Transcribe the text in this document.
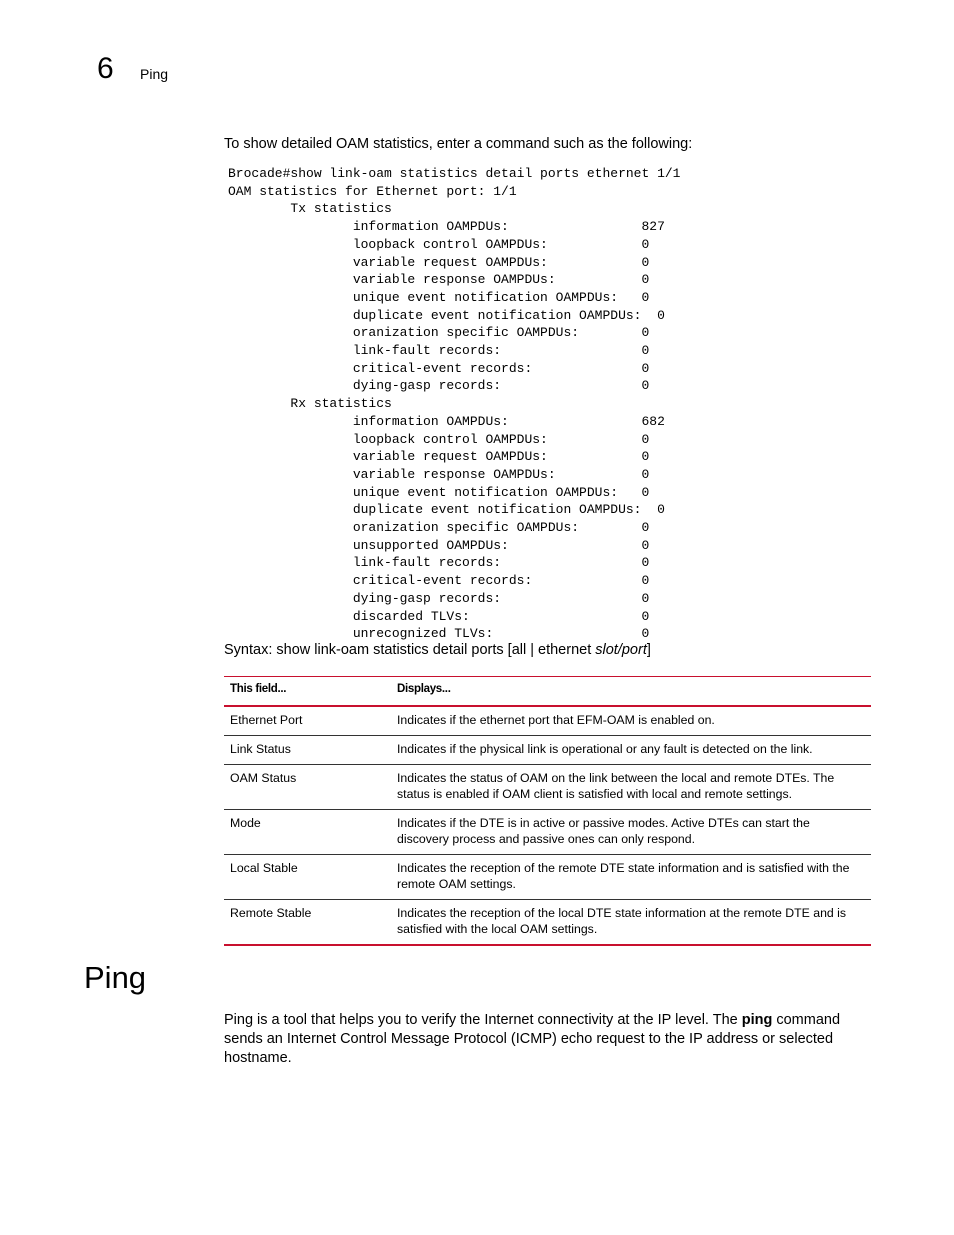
6 Ping
To show detailed OAM statistics, enter a command such as the following:
Brocade#show link-oam statistics detail ports ethernet 1/1
OAM statistics for Ethernet port: 1/1
Tx statistics
information OAMPDUs:                 827
loopback control OAMPDUs:            0
variable request OAMPDUs:            0
variable response OAMPDUs:           0
unique event notification OAMPDUs:   0
duplicate event notification OAMPDUs:  0
oranization specific OAMPDUs:        0
link-fault records:                  0
critical-event records:              0
dying-gasp records:                  0
Rx statistics
information OAMPDUs:                 682
loopback control OAMPDUs:            0
variable request OAMPDUs:            0
variable response OAMPDUs:           0
unique event notification OAMPDUs:   0
duplicate event notification OAMPDUs:  0
oranization specific OAMPDUs:        0
unsupported OAMPDUs:                 0
link-fault records:                  0
critical-event records:              0
dying-gasp records:                  0
discarded TLVs:                      0
unrecognized TLVs:                   0
Syntax: show link-oam statistics detail ports [all | ethernet slot/port]
This field...	Displays...
Ethernet Port	Indicates if the ethernet port that EFM-OAM is enabled on.
Link Status	Indicates if the physical link is operational or any fault is detected on the link.
OAM Status	Indicates the status of OAM on the link between the local and remote DTEs. The status is enabled if OAM client is satisfied with local and remote settings.
Mode	Indicates if the DTE is in active or passive modes. Active DTEs can start the discovery process and passive ones can only respond.
Local Stable	Indicates the reception of the remote DTE state information and is satisfied with the remote OAM settings.
Remote Stable	Indicates the reception of the local DTE state information at the remote DTE and is satisfied with the local OAM settings.
Ping

Ping is a tool that helps you to verify the Internet connectivity at the IP level. The ping command sends an Internet Control Message Protocol (ICMP) echo request to the IP address or selected hostname.
